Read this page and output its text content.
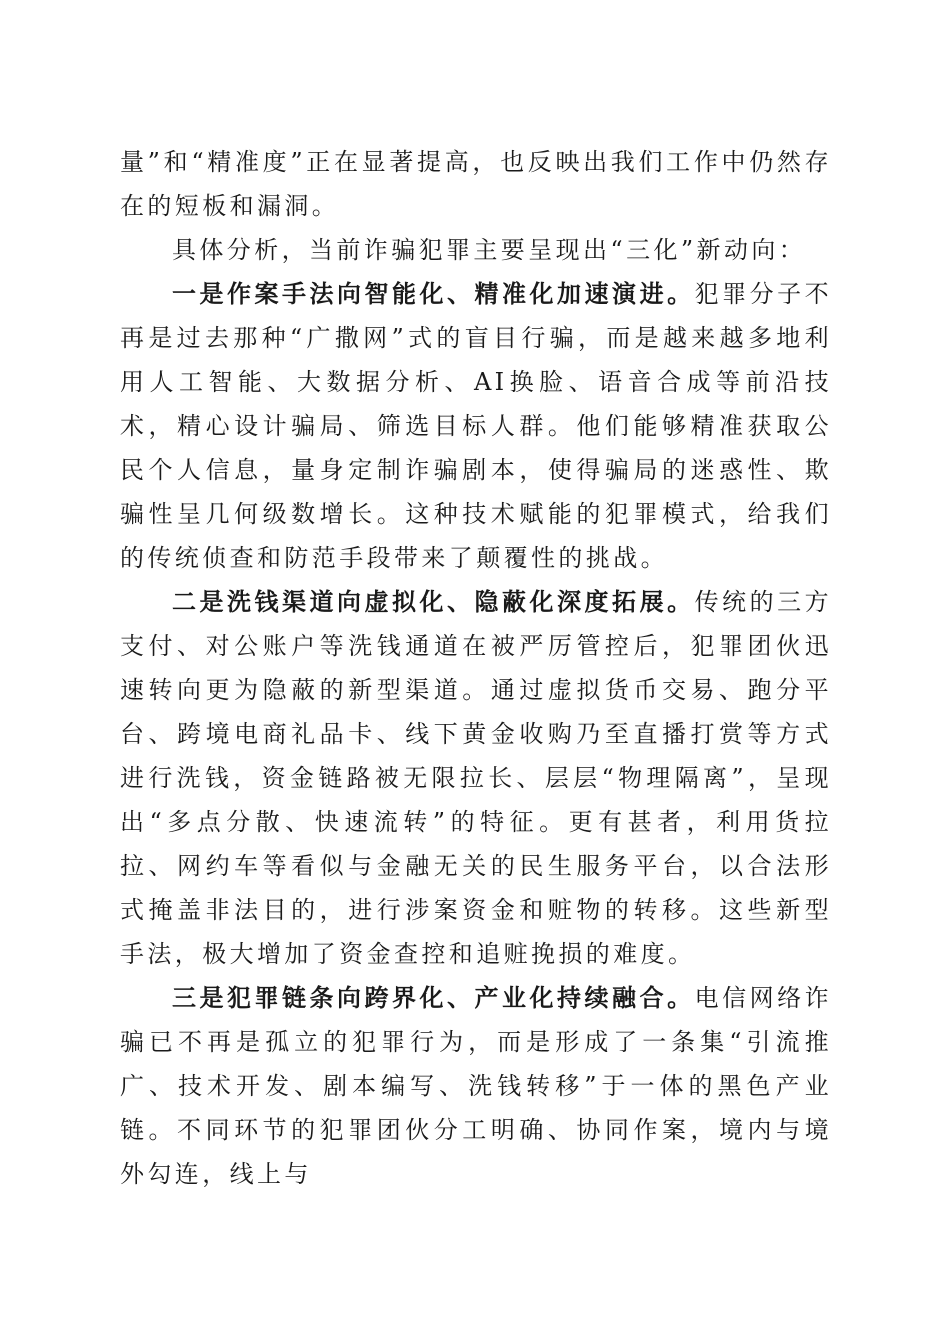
量”和“精准度”正在显著提高，也反映出我们工作中仍然存在的短板和漏洞。

具体分析，当前诈骗犯罪主要呈现出“三化”新动向：

一是作案手法向智能化、精准化加速演进。犯罪分子不再是过去那种“广撒网”式的盲目行骗，而是越来越多地利用人工智能、大数据分析、AI换脸、语音合成等前沿技术，精心设计骗局、筛选目标人群。他们能够精准获取公民个人信息，量身定制诈骗剧本，使得骗局的迷惑性、欺骗性呈几何级数增长。这种技术赋能的犯罪模式，给我们的传统侦查和防范手段带来了颠覆性的挑战。

二是洗钱渠道向虚拟化、隐蔽化深度拓展。传统的三方支付、对公账户等洗钱通道在被严厉管控后，犯罪团伙迅速转向更为隐蔽的新型渠道。通过虚拟货币交易、跑分平台、跨境电商礼品卡、线下黄金收购乃至直播打赏等方式进行洗钱，资金链路被无限拉长、层层“物理隔离”，呈现出“多点分散、快速流转”的特征。更有甚者，利用货拉拉、网约车等看似与金融无关的民生服务平台，以合法形式掩盖非法目的，进行涉案资金和赃物的转移。这些新型手法，极大增加了资金查控和追赃挽损的难度。

三是犯罪链条向跨界化、产业化持续融合。电信网络诈骗已不再是孤立的犯罪行为，而是形成了一条集“引流推广、技术开发、剧本编写、洗钱转移”于一体的黑色产业链。不同环节的犯罪团伙分工明确、协同作案，境内与境外勾连，线上与
